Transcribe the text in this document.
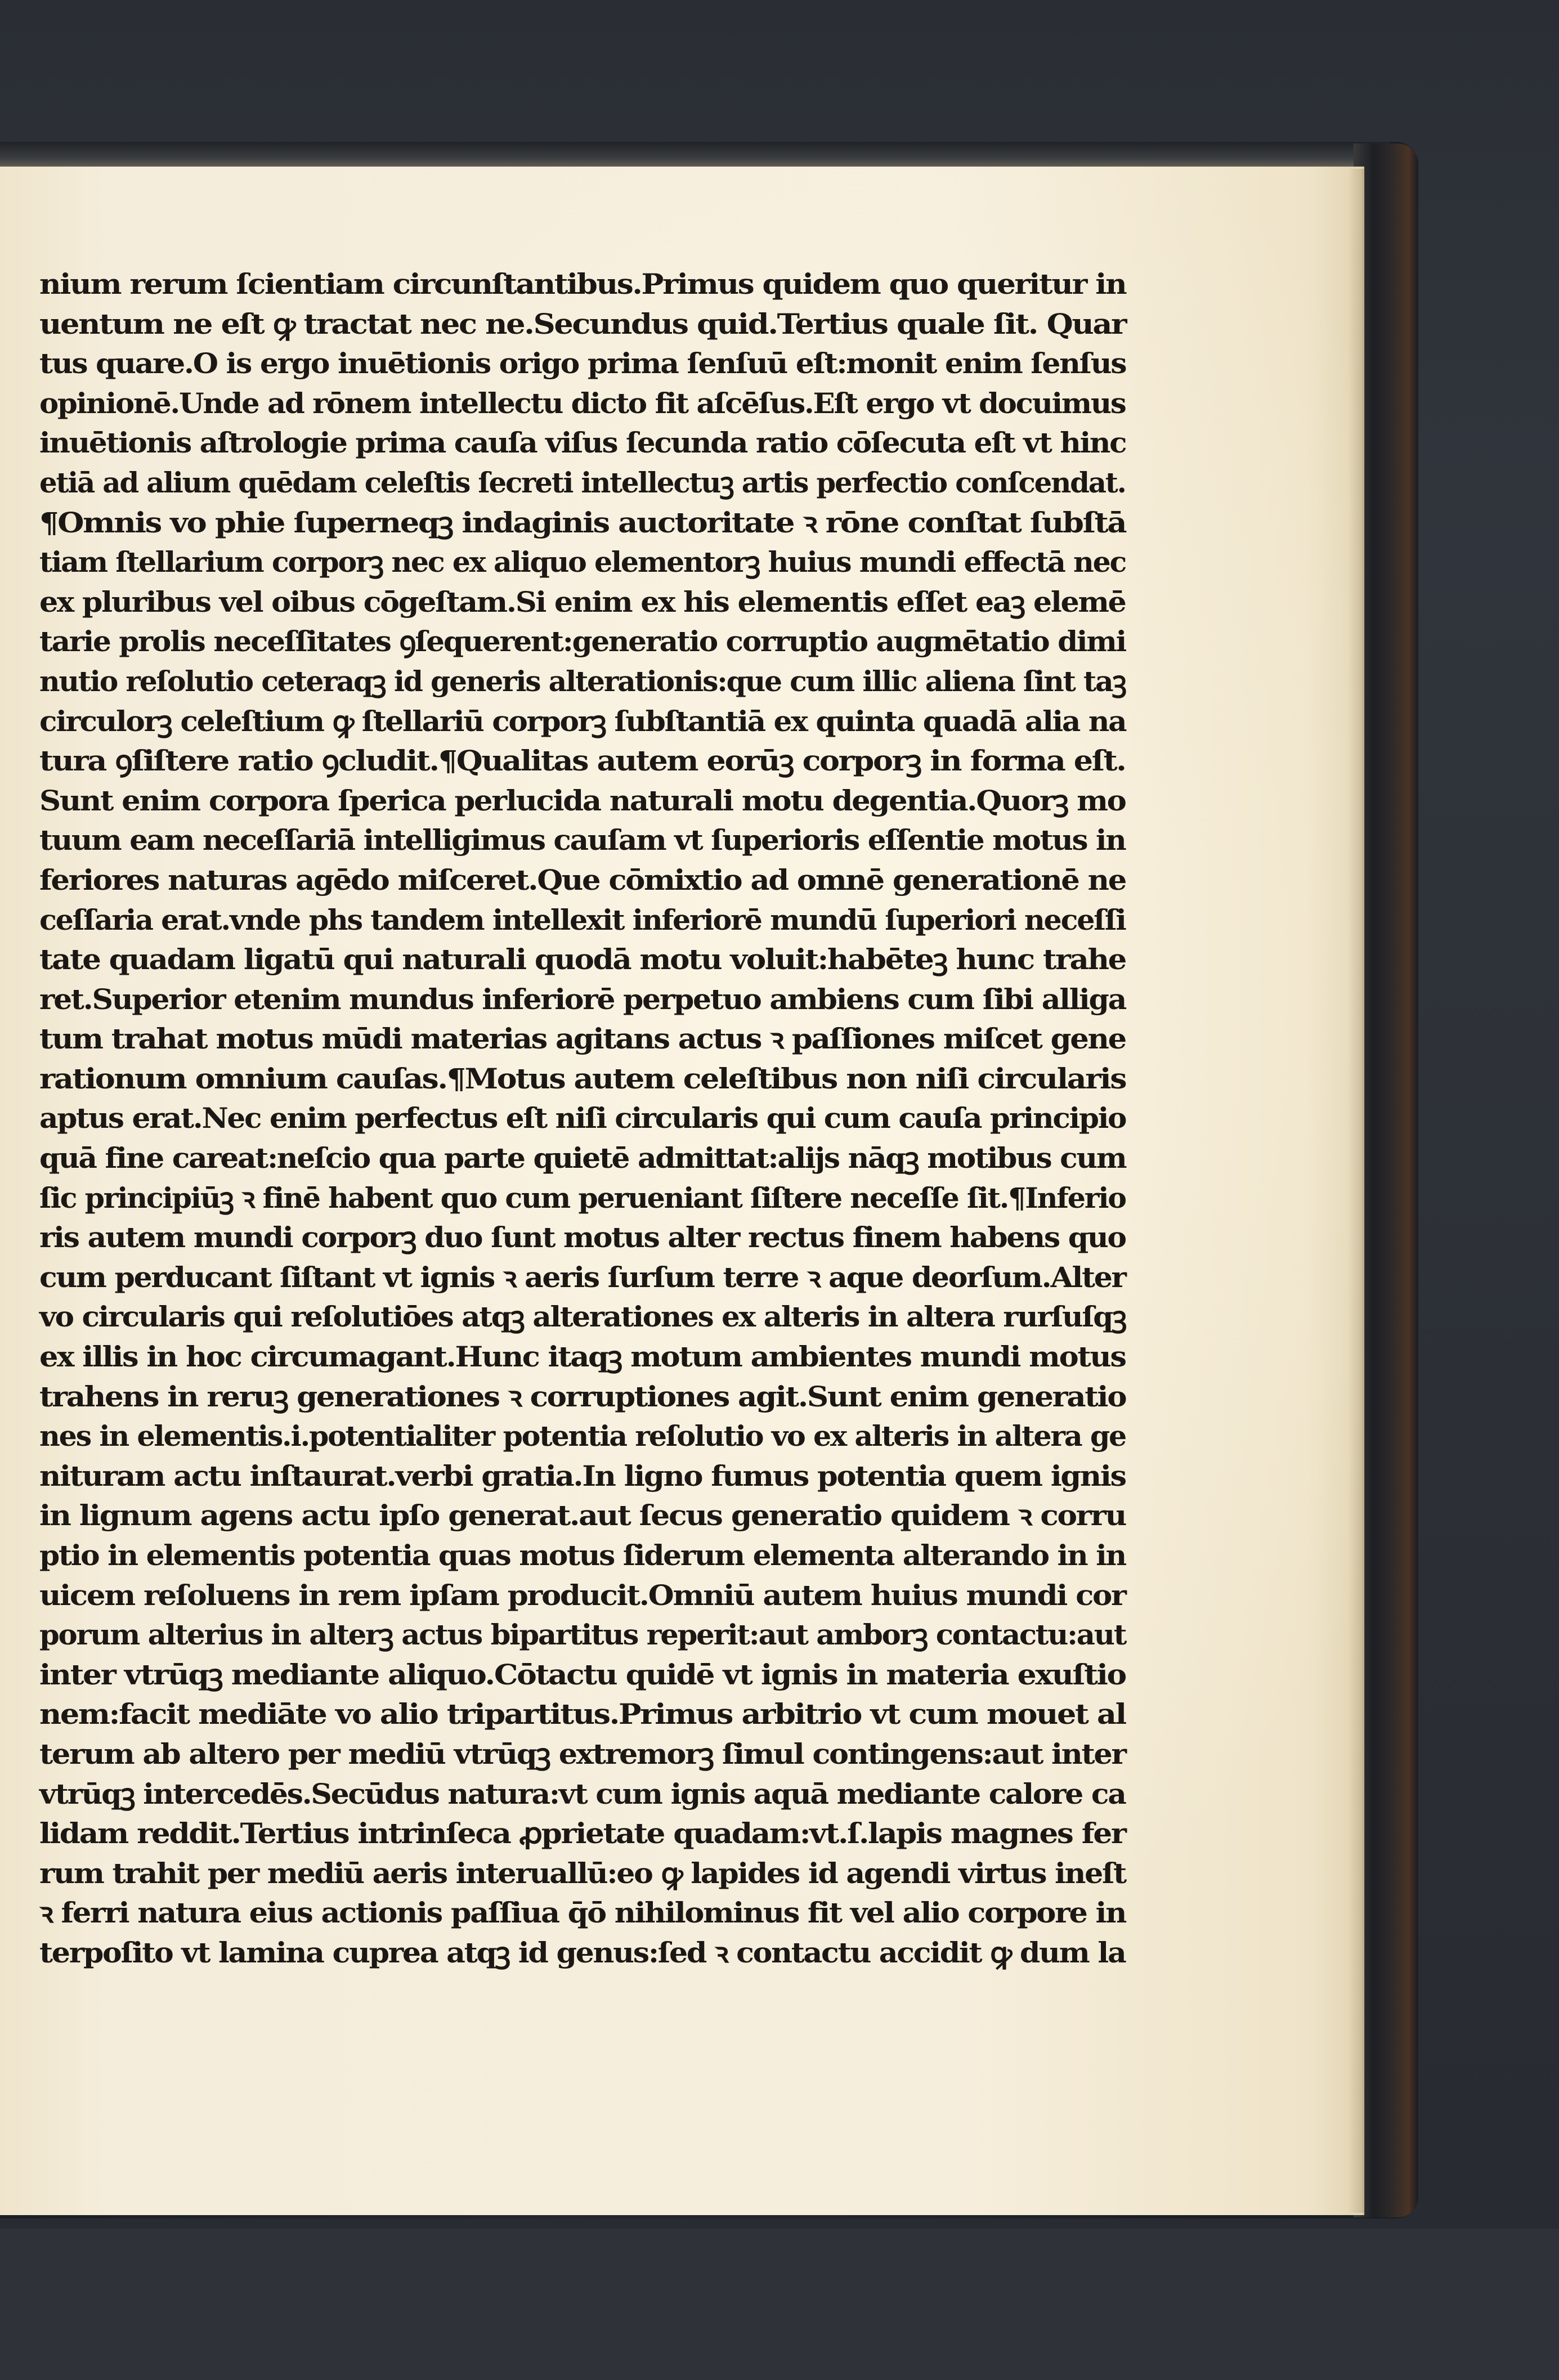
nium rerum ſcientiam circunſtantibus.Primus quidem quo queritur in
uentum ne eſt ꝙ tractat nec ne.Secundus quid.Tertius quale ſit. Quar
tus quare.O is ergo inuētionis origo prima ſenſuū eſt:monit enim ſenſus
opinionē.Unde ad rōnem intellectu dicto fit aſcēſus.Eſt ergo vt docuimus
inuētionis aſtrologie prima cauſa viſus ſecunda ratio cōſecuta eſt vt hinc
etiā ad alium quēdam celeſtis ſecreti intellectuꝫ artis perfectio conſcendat.
¶Omnis vo phie ſuperneqꝫ indaginis auctoritate ꝛ rōne conſtat ſubſtā
tiam ſtellarium corporꝫ nec ex aliquo elementorꝫ huius mundi effectā nec
ex pluribus vel oibus cōgeſtam.Si enim ex his elementis eſſet eaꝫ elemē
tarie prolis neceſſitates ꝯſequerent:generatio corruptio augmētatio dimi
nutio reſolutio ceteraqꝫ id generis alterationis:que cum illic aliena ſint taꝫ
circulorꝫ celeſtium ꝙ ſtellariū corporꝫ ſubſtantiā ex quinta quadā alia na
tura ꝯſiſtere ratio ꝯcludit.¶Qualitas autem eorūꝫ corporꝫ in forma eſt.
Sunt enim corpora ſperica perlucida naturali motu degentia.Quorꝫ mo
tuum eam neceſſariā intelligimus cauſam vt ſuperioris eſſentie motus in
feriores naturas agēdo miſceret.Que cōmixtio ad omnē generationē ne
ceſſaria erat.vnde phs tandem intellexit inferiorē mundū ſuperiori neceſſi
tate quadam ligatū qui naturali quodā motu voluit:habēteꝫ hunc trahe
ret.Superior etenim mundus inferiorē perpetuo ambiens cum ſibi alliga
tum trahat motus mūdi materias agitans actus ꝛ paſſiones miſcet gene
rationum omnium cauſas.¶Motus autem celeſtibus non niſi circularis
aptus erat.Nec enim perfectus eſt niſi circularis qui cum cauſa principio
quā fine careat:neſcio qua parte quietē admittat:alijs nāqꝫ motibus cum
ſic principiūꝫ ꝛ finē habent quo cum perueniant ſiſtere neceſſe ſit.¶Inferio
ris autem mundi corporꝫ duo ſunt motus alter rectus finem habens quo
cum perducant ſiſtant vt ignis ꝛ aeris ſurſum terre ꝛ aque deorſum.Alter
vo circularis qui reſolutiōes atqꝫ alterationes ex alteris in altera rurſuſqꝫ
ex illis in hoc circumagant.Hunc itaqꝫ motum ambientes mundi motus
trahens in reruꝫ generationes ꝛ corruptiones agit.Sunt enim generatio
nes in elementis.i.potentialiter potentia reſolutio vo ex alteris in altera ge
nituram actu inſtaurat.verbi gratia.In ligno fumus potentia quem ignis
in lignum agens actu ipſo generat.aut ſecus generatio quidem ꝛ corru
ptio in elementis potentia quas motus ſiderum elementa alterando in in
uicem reſoluens in rem ipſam producit.Omniū autem huius mundi cor
porum alterius in alterꝫ actus bipartitus reperit:aut amborꝫ contactu:aut
inter vtrūqꝫ mediante aliquo.Cōtactu quidē vt ignis in materia exuſtio
nem:facit mediāte vo alio tripartitus.Primus arbitrio vt cum mouet al
terum ab altero per mediū vtrūqꝫ extremorꝫ ſimul contingens:aut inter
vtrūqꝫ intercedēs.Secūdus natura:vt cum ignis aquā mediante calore ca
lidam reddit.Tertius intrinſeca ꝓprietate quadam:vt.ſ.lapis magnes fer
rum trahit per mediū aeris interuallū:eo ꝙ lapides id agendi virtus ineſt
ꝛ ferri natura eius actionis paſſiua q̄ō nihilominus fit vel alio corpore in
terpoſito vt lamina cuprea atqꝫ id genus:ſed ꝛ contactu accidit ꝙ dum la
